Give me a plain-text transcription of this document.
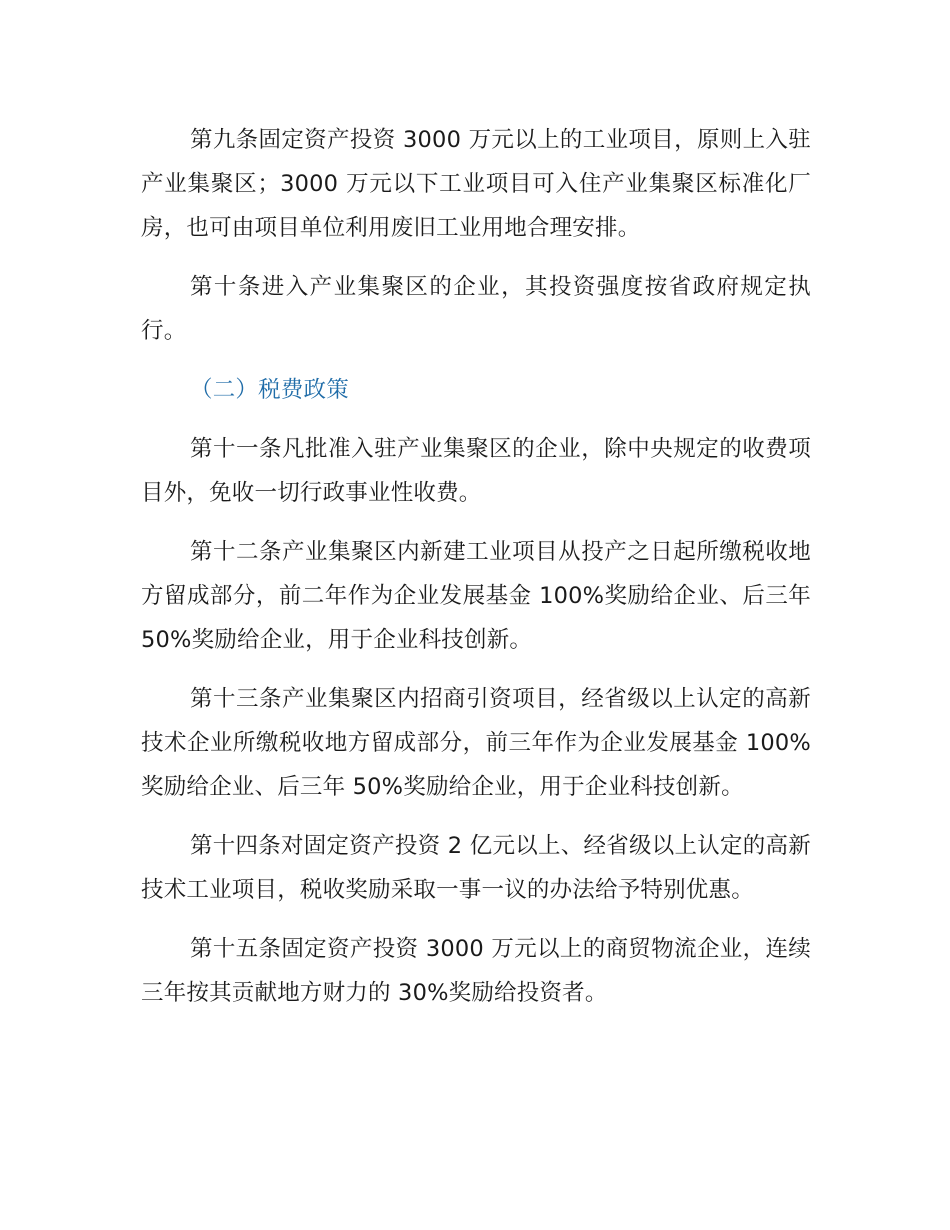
第九条固定资产投资 3000 万元以上的工业项目，原则上入驻产业集聚区；3000 万元以下工业项目可入住产业集聚区标准化厂房，也可由项目单位利用废旧工业用地合理安排。

第十条进入产业集聚区的企业，其投资强度按省政府规定执行。

（二）税费政策

第十一条凡批准入驻产业集聚区的企业，除中央规定的收费项目外，免收一切行政事业性收费。

第十二条产业集聚区内新建工业项目从投产之日起所缴税收地方留成部分，前二年作为企业发展基金 100%奖励给企业、后三年 50%奖励给企业，用于企业科技创新。

第十三条产业集聚区内招商引资项目，经省级以上认定的高新技术企业所缴税收地方留成部分，前三年作为企业发展基金 100%奖励给企业、后三年 50%奖励给企业，用于企业科技创新。

第十四条对固定资产投资 2 亿元以上、经省级以上认定的高新技术工业项目，税收奖励采取一事一议的办法给予特别优惠。

第十五条固定资产投资 3000 万元以上的商贸物流企业，连续三年按其贡献地方财力的 30%奖励给投资者。
